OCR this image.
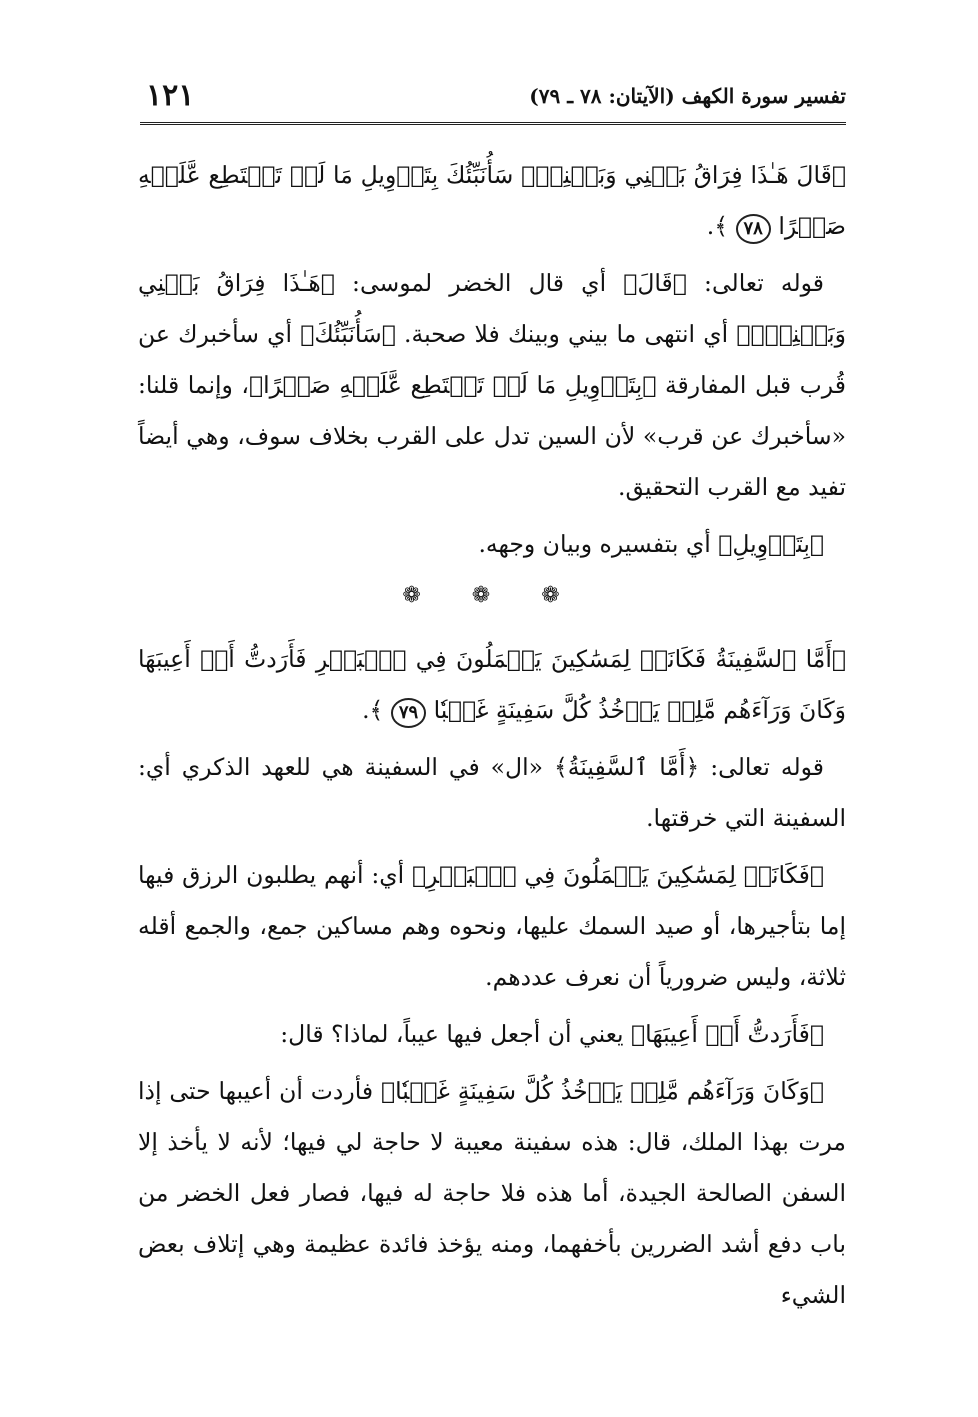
١٢١	تفسير سورة الكهف (الآيتان: ٧٨ ـ ٧٩)

﴿قَالَ هَـٰذَا فِرَاقُ بَيۡنِي وَبَيۡنِكَۚ سَأُنَبِّئُكَ بِتَأۡوِيلِ مَا لَمۡ تَسۡتَطِع عَّلَيۡهِ صَبۡرًا ٧٨ ﴾.

قوله تعالى: ﴿قَالَ﴾ أي قال الخضر لموسى: ﴿هَـٰذَا فِرَاقُ بَيۡنِي وَبَيۡنِكَۚ﴾ أي انتهى ما بيني وبينك فلا صحبة. ﴿سَأُنَبِّئُكَ﴾ أي سأخبرك عن قُرب قبل المفارقة ﴿بِتَأۡوِيلِ مَا لَمۡ تَسۡتَطِع عَّلَيۡهِ صَبۡرًا﴾، وإنما قلنا: «سأخبرك عن قرب» لأن السين تدل على القرب بخلاف سوف، وهي أيضاً تفيد مع القرب التحقيق.

﴿بِتَأۡوِيلِ﴾ أي بتفسيره وبيان وجهه.

❁ ❁ ❁

﴿أَمَّا ٱلسَّفِينَةُ فَكَانَتۡ لِمَسَٰكِينَ يَعۡمَلُونَ فِي ٱلۡبَحۡرِ فَأَرَدتُّ أَنۡ أَعِيبَهَا وَكَانَ وَرَآءَهُم مَّلِكٞ يَأۡخُذُ كُلَّ سَفِينَةٍ غَصۡبٗا ٧٩ ﴾.

قوله تعالى: ﴿أَمَّا ٱلسَّفِينَةُ﴾ «ال» في السفينة هي للعهد الذكري أي: السفينة التي خرقتها.

﴿فَكَانَتۡ لِمَسَٰكِينَ يَعۡمَلُونَ فِي ٱلۡبَحۡرِ﴾ أي: أنهم يطلبون الرزق فيها إما بتأجيرها، أو صيد السمك عليها، ونحوه وهم مساكين جمع، والجمع أقله ثلاثة، وليس ضرورياً أن نعرف عددهم.

﴿فَأَرَدتُّ أَنۡ أَعِيبَهَا﴾ يعني أن أجعل فيها عيباً، لماذا؟ قال:

﴿وَكَانَ وَرَآءَهُم مَّلِكٞ يَأۡخُذُ كُلَّ سَفِينَةٍ غَصۡبٗا﴾ فأردت أن أعيبها حتى إذا مرت بهذا الملك، قال: هذه سفينة معيبة لا حاجة لي فيها؛ لأنه لا يأخذ إلا السفن الصالحة الجيدة، أما هذه فلا حاجة له فيها، فصار فعل الخضر من باب دفع أشد الضررين بأخفهما، ومنه يؤخذ فائدة عظيمة وهي إتلاف بعض الشيء
